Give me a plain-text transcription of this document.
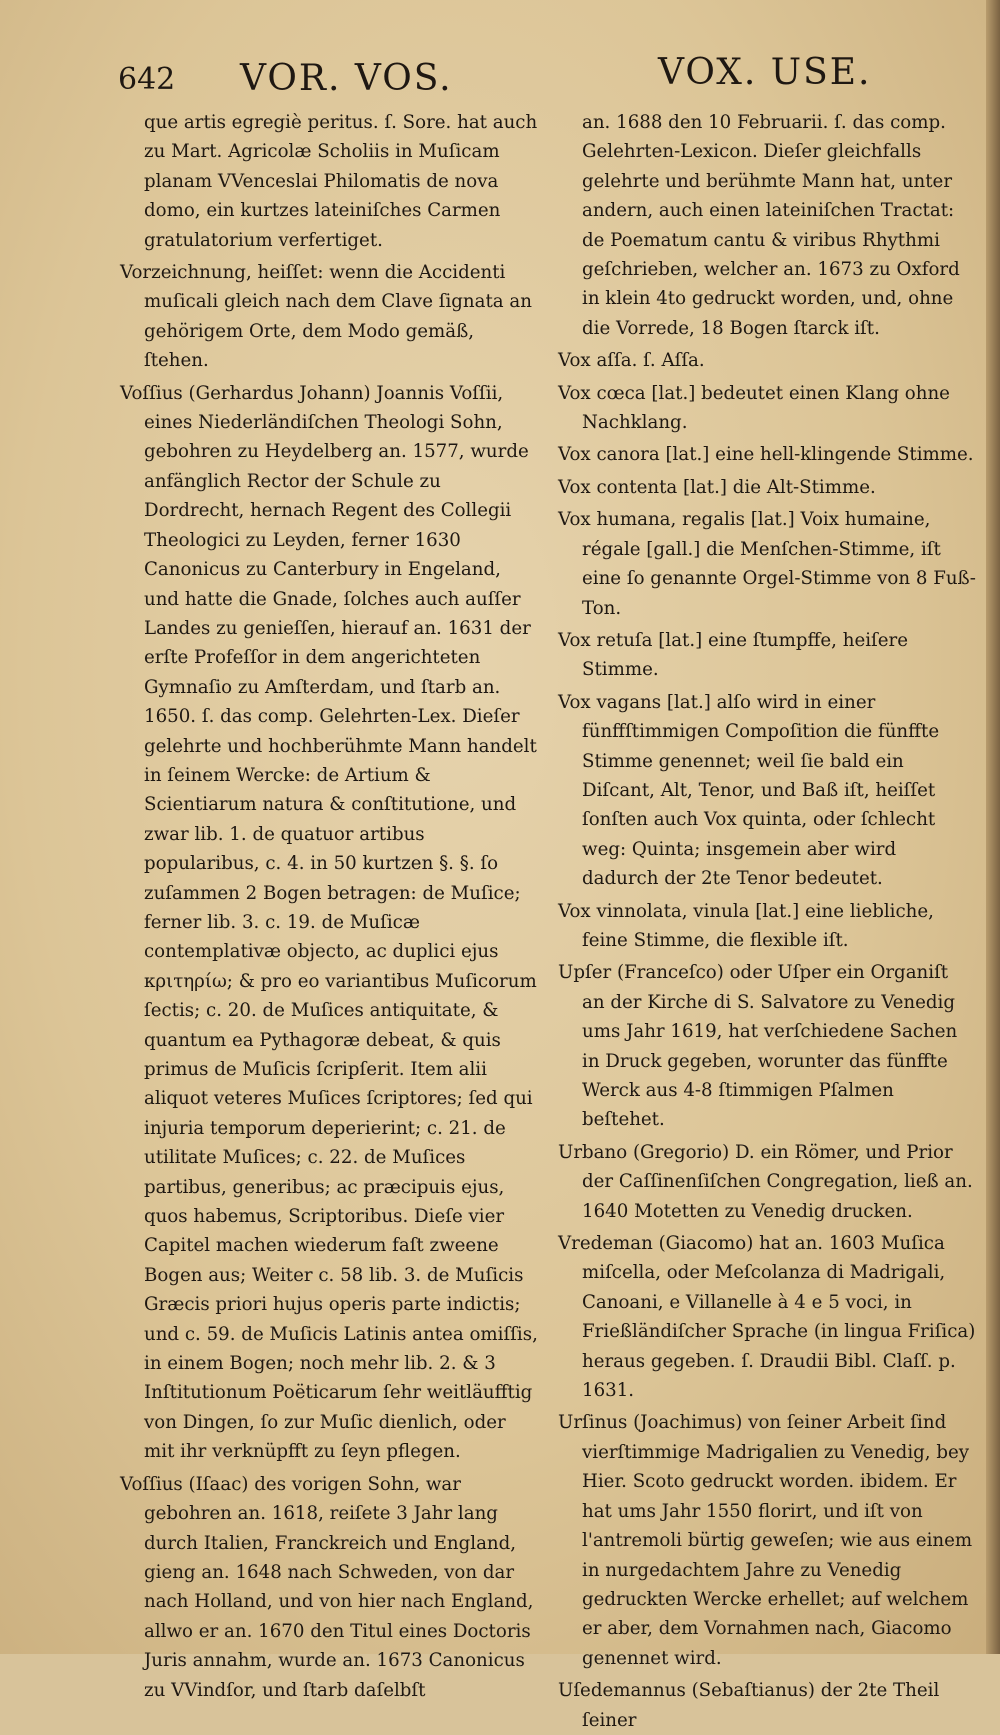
642 VOR. VOS.	VOX. USE.

que artis egregiè peritus. ſ. Sore. hat auch zu Mart. Agricolæ Scholiis in Muſicam planam VVenceslai Philomatis de nova domo, ein kurtzes lateiniſches Carmen gratulatorium verfertiget.

Vorzeichnung, heiſſet: wenn die Accidenti muſicali gleich nach dem Clave ſignata an gehörigem Orte, dem Modo gemäß, ſtehen.

Voſſius (Gerhardus Johann) Joannis Voſſii, eines Niederländiſchen Theologi Sohn, gebohren zu Heydelberg an. 1577, wurde anfänglich Rector der Schule zu Dordrecht, hernach Regent des Collegii Theologici zu Leyden, ferner 1630 Canonicus zu Canterbury in Engeland, und hatte die Gnade, ſolches auch auſſer Landes zu genieſſen, hierauf an. 1631 der erſte Profeſſor in dem angerichteten Gymnaſio zu Amſterdam, und ſtarb an. 1650. ſ. das comp. Gelehrten-Lex. Dieſer gelehrte und hochberühmte Mann handelt in ſeinem Wercke: de Artium & Scientiarum natura & conſtitutione, und zwar lib. 1. de quatuor artibus popularibus, c. 4. in 50 kurtzen §. §. ſo zuſammen 2 Bogen betragen: de Muſice; ferner lib. 3. c. 19. de Muſicæ contemplativæ objecto, ac duplici ejus κριτηρίω; & pro eo variantibus Muſicorum ſectis; c. 20. de Muſices antiquitate, & quantum ea Pythagoræ debeat, & quis primus de Muſicis ſcripſerit. Item alii aliquot veteres Muſices ſcriptores; ſed qui injuria temporum deperierint; c. 21. de utilitate Muſices; c. 22. de Muſices partibus, generibus; ac præcipuis ejus, quos habemus, Scriptoribus. Dieſe vier Capitel machen wiederum faſt zweene Bogen aus; Weiter c. 58 lib. 3. de Muſicis Græcis priori hujus operis parte indictis; und c. 59. de Muſicis Latinis antea omiſſis, in einem Bogen; noch mehr lib. 2. & 3 Inſtitutionum Poëticarum ſehr weitläufftig von Dingen, ſo zur Muſic dienlich, oder mit ihr verknüpfft zu ſeyn pflegen.

Voſſius (Iſaac) des vorigen Sohn, war gebohren an. 1618, reiſete 3 Jahr lang durch Italien, Franckreich und England, gieng an. 1648 nach Schweden, von dar nach Holland, und von hier nach England, allwo er an. 1670 den Titul eines Doctoris Juris annahm, wurde an. 1673 Canonicus zu VVindſor, und ſtarb daſelbſt

an. 1688 den 10 Februarii. ſ. das comp. Gelehrten-Lexicon. Dieſer gleichfalls gelehrte und berühmte Mann hat, unter andern, auch einen lateiniſchen Tractat: de Poematum cantu & viribus Rhythmi geſchrieben, welcher an. 1673 zu Oxford in klein 4to gedruckt worden, und, ohne die Vorrede, 18 Bogen ſtarck iſt.

Vox aſſa. ſ. Aſſa.

Vox cœca [lat.] bedeutet einen Klang ohne Nachklang.

Vox canora [lat.] eine hell-klingende Stimme.

Vox contenta [lat.] die Alt-Stimme.

Vox humana, regalis [lat.] Voix humaine, régale [gall.] die Menſchen-Stimme, iſt eine ſo genannte Orgel-Stimme von 8 Fuß-Ton.

Vox retuſa [lat.] eine ſtumpffe, heiſere Stimme.

Vox vagans [lat.] alſo wird in einer fünffſtimmigen Compoſition die fünffte Stimme genennet; weil ſie bald ein Diſcant, Alt, Tenor, und Baß iſt, heiſſet ſonſten auch Vox quinta, oder ſchlecht weg: Quinta; insgemein aber wird dadurch der 2te Tenor bedeutet.

Vox vinnolata, vinula [lat.] eine liebliche, feine Stimme, die flexible iſt.

Upſer (Franceſco) oder Uſper ein Organiſt an der Kirche di S. Salvatore zu Venedig ums Jahr 1619, hat verſchiedene Sachen in Druck gegeben, worunter das fünffte Werck aus 4-8 ſtimmigen Pſalmen beſtehet.

Urbano (Gregorio) D. ein Römer, und Prior der Caſſinenſiſchen Congregation, ließ an. 1640 Motetten zu Venedig drucken.

Vredeman (Giacomo) hat an. 1603 Muſica miſcella, oder Meſcolanza di Madrigali, Canoani, e Villanelle à 4 e 5 voci, in Frießländiſcher Sprache (in lingua Friſica) heraus gegeben. ſ. Draudii Bibl. Claſſ. p. 1631.

Urſinus (Joachimus) von ſeiner Arbeit ſind vierſtimmige Madrigalien zu Venedig, bey Hier. Scoto gedruckt worden. ibidem. Er hat ums Jahr 1550 florirt, und iſt von l'antremoli bürtig geweſen; wie aus einem in nurgedachtem Jahre zu Venedig gedruckten Wercke erhellet; auf welchem er aber, dem Vornahmen nach, Giacomo genennet wird.

Uſedemannus (Sebaſtianus) der 2te Theil ſeiner
